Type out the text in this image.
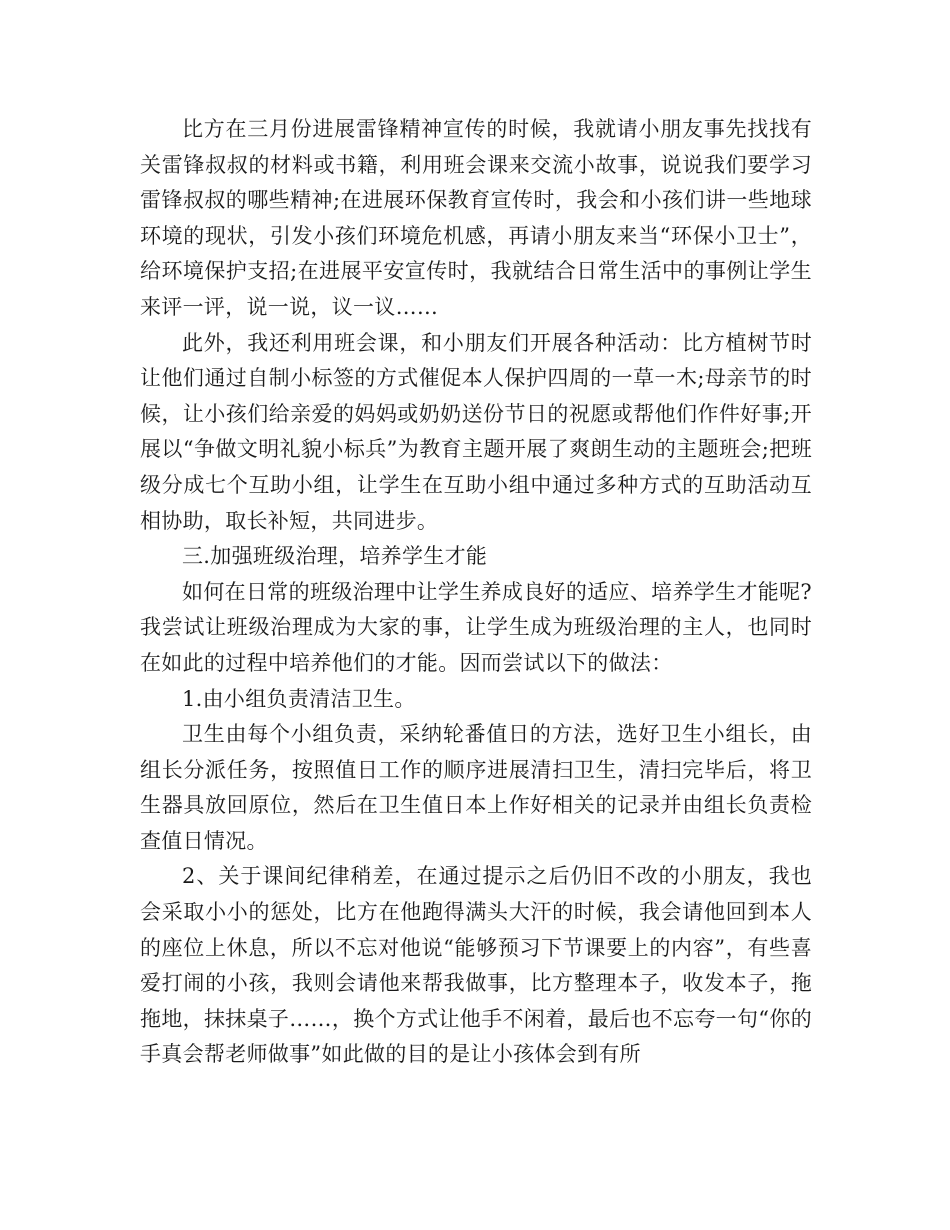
比方在三月份进展雷锋精神宣传的时候，我就请小朋友事先找找有关雷锋叔叔的材料或书籍，利用班会课来交流小故事，说说我们要学习雷锋叔叔的哪些精神;在进展环保教育宣传时，我会和小孩们讲一些地球环境的现状，引发小孩们环境危机感，再请小朋友来当“环保小卫士”，给环境保护支招;在进展平安宣传时，我就结合日常生活中的事例让学生来评一评，说一说，议一议……

此外，我还利用班会课，和小朋友们开展各种活动：比方植树节时让他们通过自制小标签的方式催促本人保护四周的一草一木;母亲节的时候，让小孩们给亲爱的妈妈或奶奶送份节日的祝愿或帮他们作件好事;开展以“争做文明礼貌小标兵”为教育主题开展了爽朗生动的主题班会;把班级分成七个互助小组，让学生在互助小组中通过多种方式的互助活动互相协助，取长补短，共同进步。

三.加强班级治理，培养学生才能

如何在日常的班级治理中让学生养成良好的适应、培养学生才能呢?我尝试让班级治理成为大家的事，让学生成为班级治理的主人，也同时在如此的过程中培养他们的才能。因而尝试以下的做法：

1.由小组负责清洁卫生。

卫生由每个小组负责，采纳轮番值日的方法，选好卫生小组长，由组长分派任务，按照值日工作的顺序进展清扫卫生，清扫完毕后，将卫生器具放回原位，然后在卫生值日本上作好相关的记录并由组长负责检查值日情况。

2、关于课间纪律稍差，在通过提示之后仍旧不改的小朋友，我也会采取小小的惩处，比方在他跑得满头大汗的时候，我会请他回到本人的座位上休息，所以不忘对他说“能够预习下节课要上的内容”，有些喜爱打闹的小孩，我则会请他来帮我做事，比方整理本子，收发本子，拖拖地，抹抹桌子……，换个方式让他手不闲着，最后也不忘夸一句“你的手真会帮老师做事”如此做的目的是让小孩体会到有所
